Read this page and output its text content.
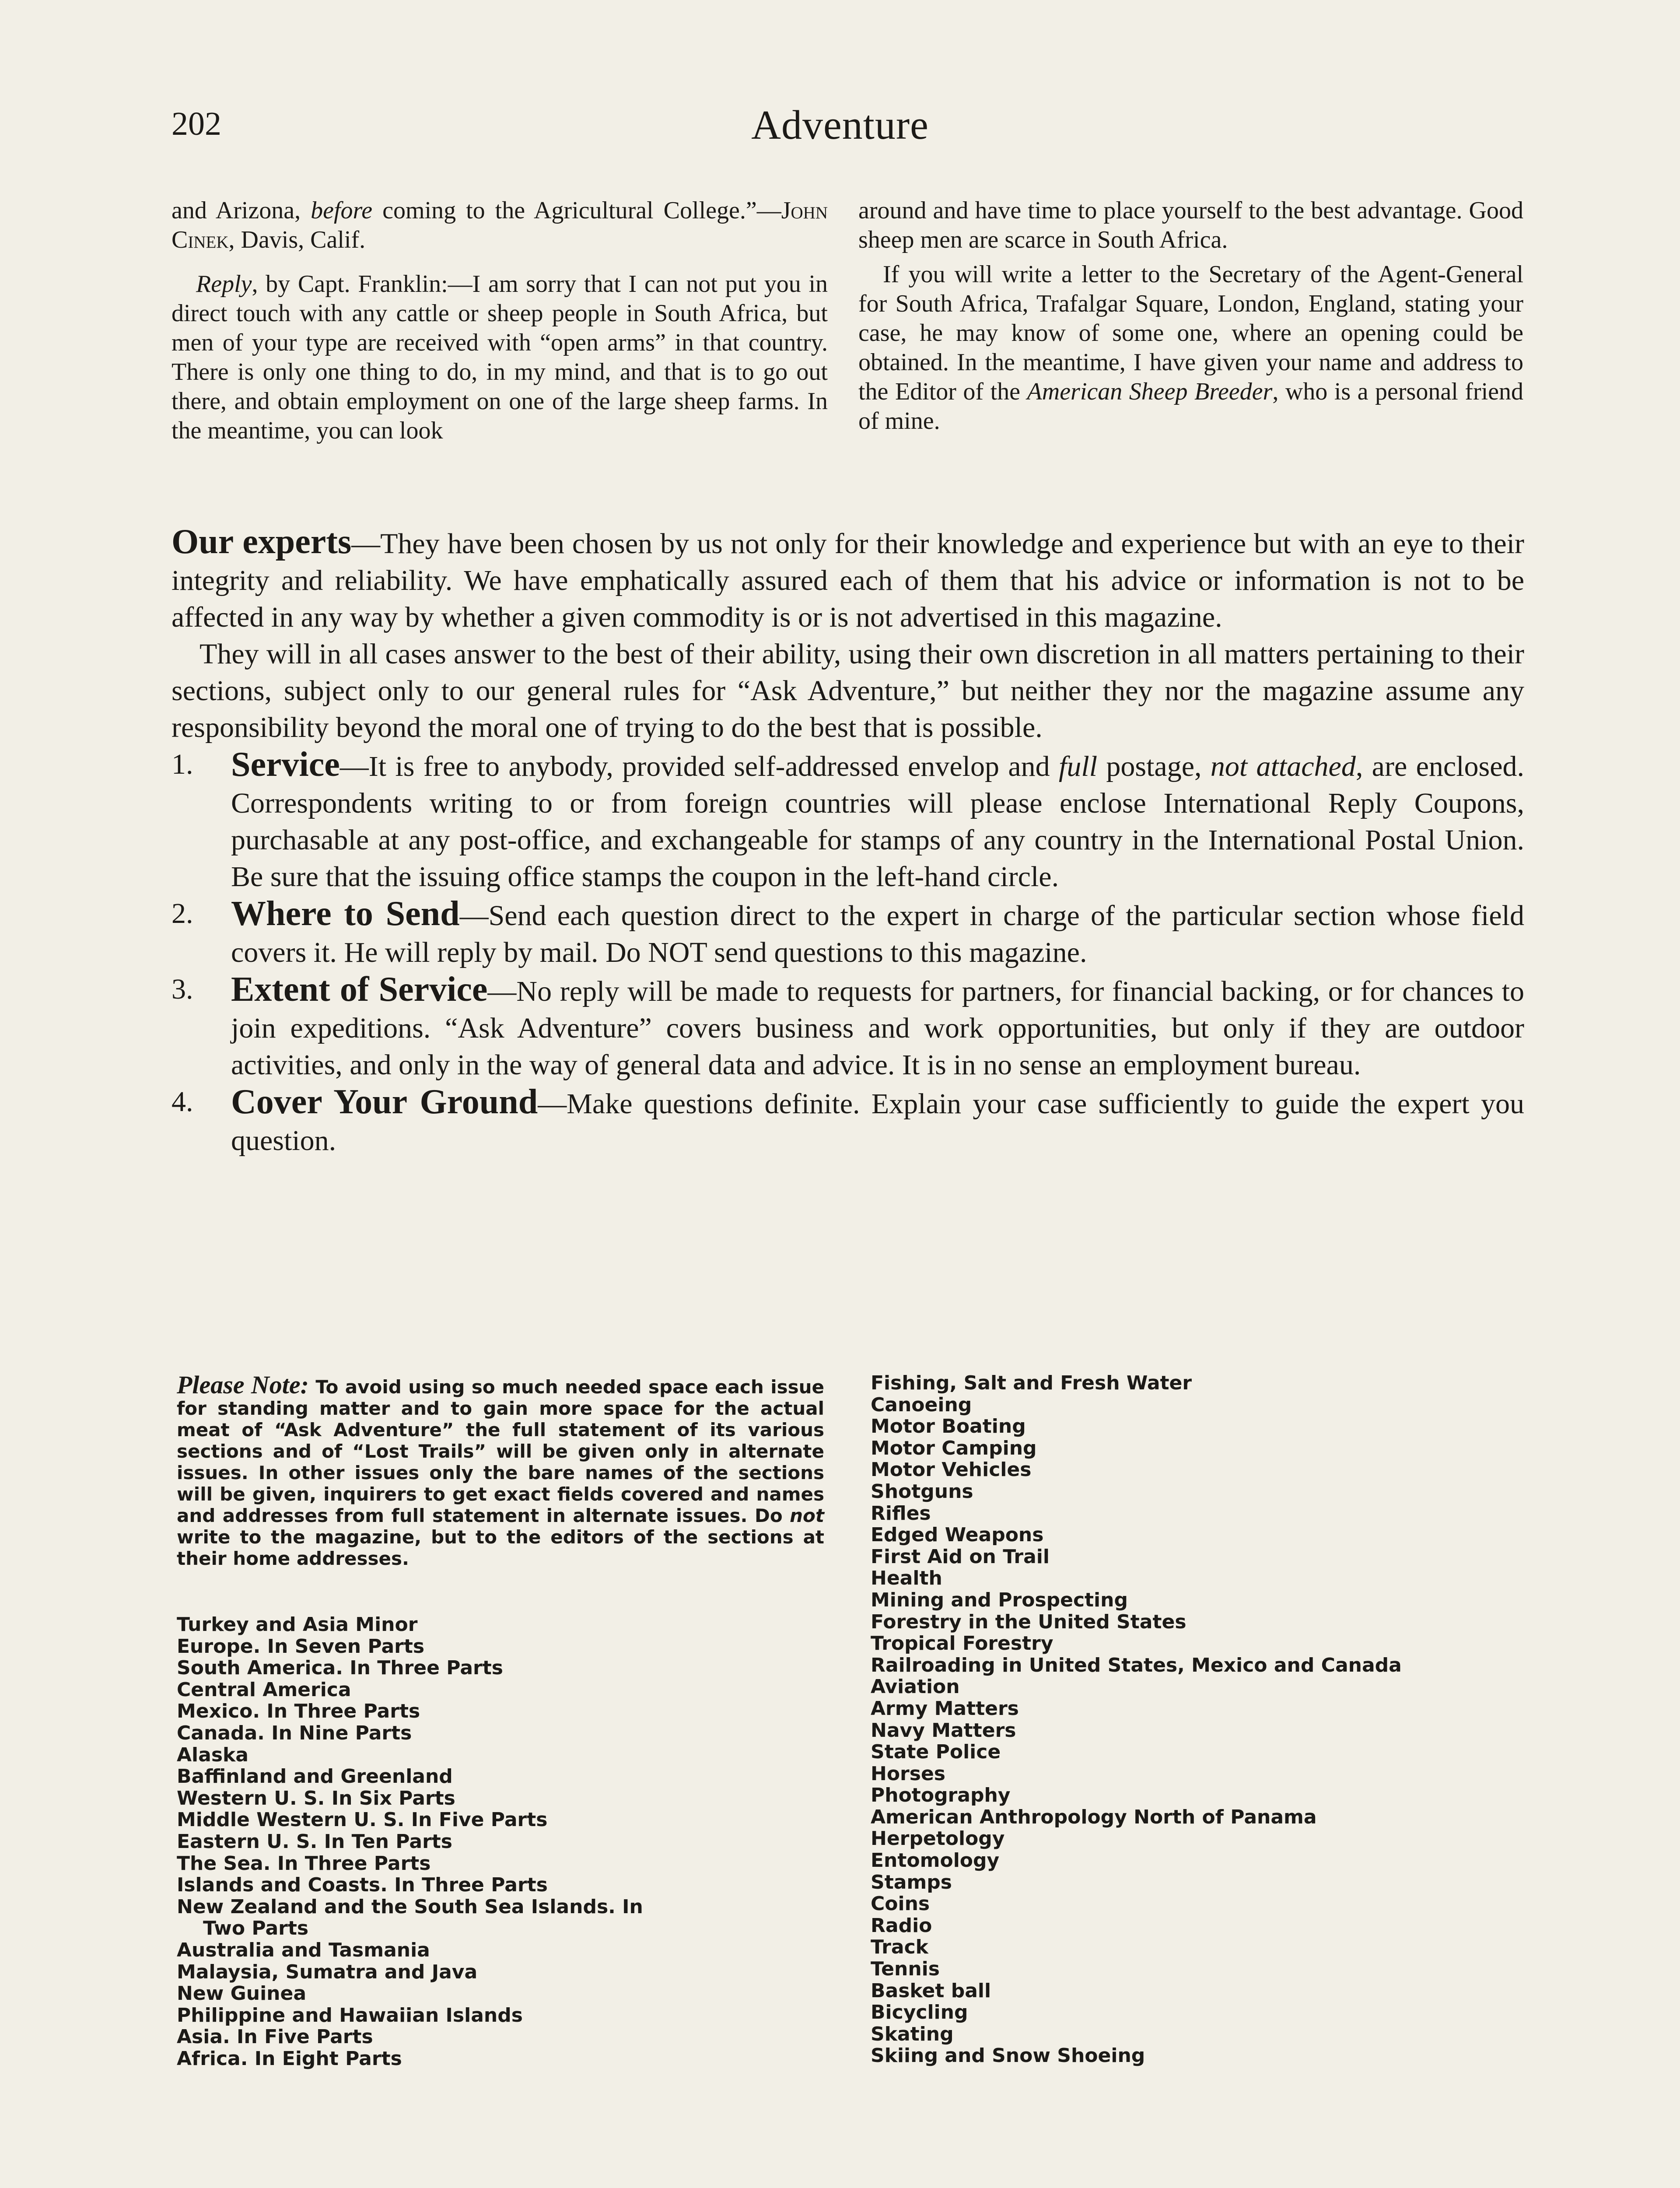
202	Adventure

and Arizona, before coming to the Agricultural College.”—John Cinek, Davis, Calif.

Reply, by Capt. Franklin:—I am sorry that I can not put you in direct touch with any cattle or sheep people in South Africa, but men of your type are received with “open arms” in that country. There is only one thing to do, in my mind, and that is to go out there, and obtain employment on one of the large sheep farms. In the meantime, you can look

around and have time to place yourself to the best advantage. Good sheep men are scarce in South Africa.

If you will write a letter to the Secretary of the Agent-General for South Africa, Trafalgar Square, London, England, stating your case, he may know of some one, where an opening could be obtained. In the meantime, I have given your name and address to the Editor of the American Sheep Breeder, who is a personal friend of mine.

Our experts—They have been chosen by us not only for their knowledge and experience but with an eye to their integrity and reliability. We have emphatically assured each of them that his advice or information is not to be affected in any way by whether a given commodity is or is not advertised in this magazine.

They will in all cases answer to the best of their ability, using their own discretion in all matters pertaining to their sections, subject only to our general rules for “Ask Adventure,” but neither they nor the magazine assume any responsibility beyond the moral one of trying to do the best that is possible.

1. Service—It is free to anybody, provided self-addressed envelop and full postage, not attached, are enclosed. Correspondents writing to or from foreign countries will please enclose International Reply Coupons, purchasable at any post-office, and exchangeable for stamps of any country in the International Postal Union. Be sure that the issuing office stamps the coupon in the left-hand circle.
2. Where to Send—Send each question direct to the expert in charge of the particular section whose field covers it. He will reply by mail. Do NOT send questions to this magazine.
3. Extent of Service—No reply will be made to requests for partners, for financial backing, or for chances to join expeditions. “Ask Adventure” covers business and work opportunities, but only if they are outdoor activities, and only in the way of general data and advice. It is in no sense an employment bureau.
4. Cover Your Ground—Make questions definite. Explain your case sufficiently to guide the expert you question.

Please Note: To avoid using so much needed space each issue for standing matter and to gain more space for the actual meat of “Ask Adventure” the full statement of its various sections and of “Lost Trails” will be given only in alternate issues. In other issues only the bare names of the sections will be given, inquirers to get exact fields covered and names and addresses from full statement in alternate issues. Do not write to the magazine, but to the editors of the sections at their home addresses.

Turkey and Asia Minor
Europe. In Seven Parts
South America. In Three Parts
Central America
Mexico. In Three Parts
Canada. In Nine Parts
Alaska
Baffinland and Greenland
Western U. S. In Six Parts
Middle Western U. S. In Five Parts
Eastern U. S. In Ten Parts
The Sea. In Three Parts
Islands and Coasts. In Three Parts
New Zealand and the South Sea Islands. In
Two Parts
Australia and Tasmania
Malaysia, Sumatra and Java
New Guinea
Philippine and Hawaiian Islands
Asia. In Five Parts
Africa. In Eight Parts
Fishing, Salt and Fresh Water
Canoeing
Motor Boating
Motor Camping
Motor Vehicles
Shotguns
Rifles
Edged Weapons
First Aid on Trail
Health
Mining and Prospecting
Forestry in the United States
Tropical Forestry
Railroading in United States, Mexico and Canada
Aviation
Army Matters
Navy Matters
State Police
Horses
Photography
American Anthropology North of Panama
Herpetology
Entomology
Stamps
Coins
Radio
Track
Tennis
Basket ball
Bicycling
Skating
Skiing and Snow Shoeing
